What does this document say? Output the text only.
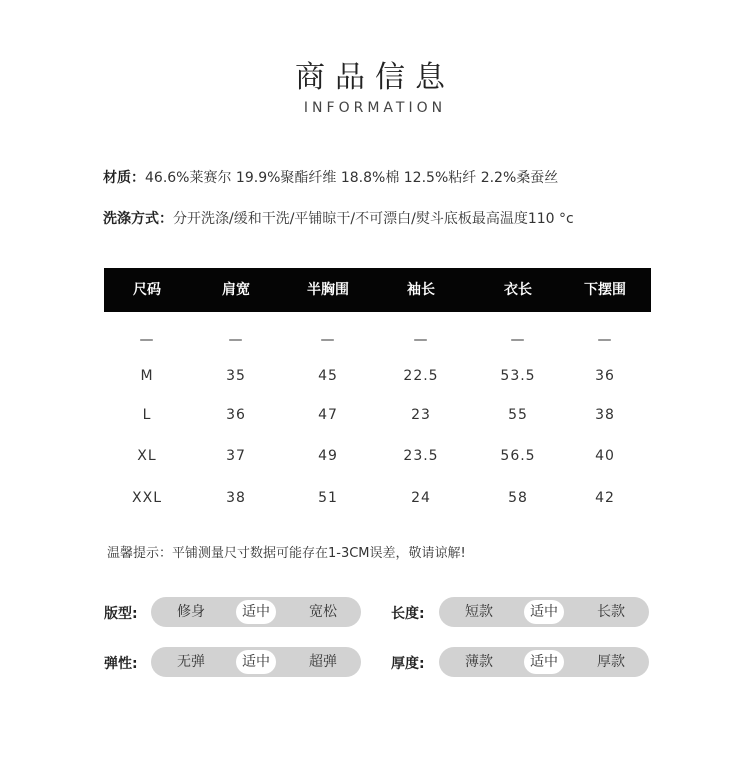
商品信息
INFORMATION
材质：46.6%莱赛尔 19.9%聚酯纤维 18.8%棉 12.5%粘纤 2.2%桑蚕丝
洗涤方式：分开洗涤/缓和干洗/平铺晾干/不可漂白/熨斗底板最高温度110 °c
尺码	肩宽	半胸围	袖长	衣长	下摆围
—	—	—	—	—	—
M	35	45	22.5	53.5	36
L	36	47	23	55	38
XL	37	49	23.5	56.5	40
XXL	38	51	24	58	42
温馨提示：平铺测量尺寸数据可能存在1-3CM误差，敬请谅解!
版型:	修身	适中	宽松	长度:	短款	适中	长款
弹性:	无弹	适中	超弹	厚度:	薄款	适中	厚款
